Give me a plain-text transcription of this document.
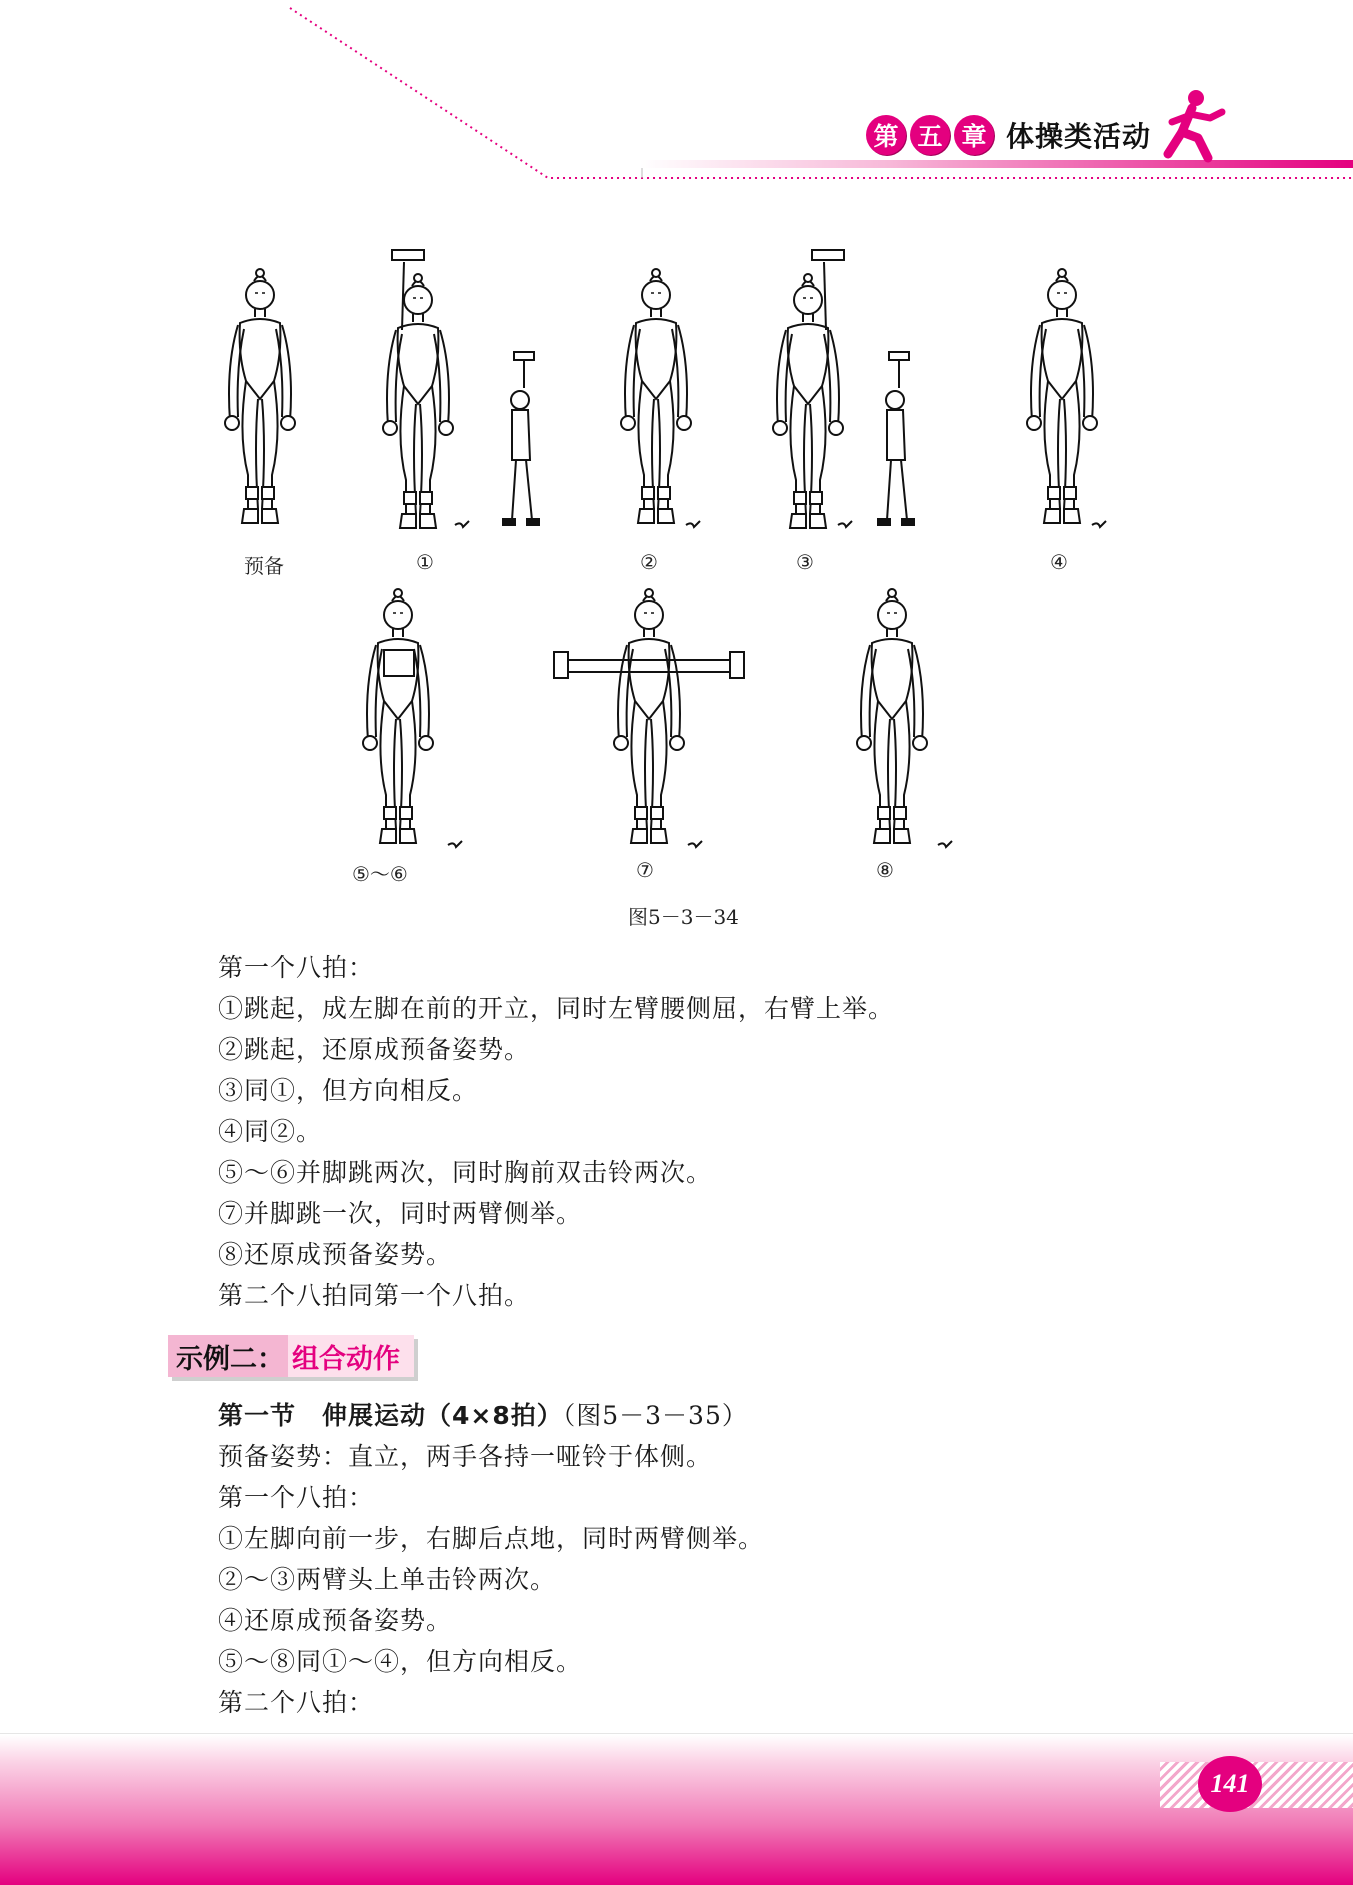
第 五 章 体操类活动
预备	①	②	③	④
⑤～⑥	⑦	⑧
图5－3－34
第一个八拍：
①跳起，成左脚在前的开立，同时左臂腰侧屈，右臂上举。
②跳起，还原成预备姿势。
③同①，但方向相反。
④同②。
⑤～⑥并脚跳两次，同时胸前双击铃两次。
⑦并脚跳一次，同时两臂侧举。
⑧还原成预备姿势。
第二个八拍同第一个八拍。
示例二： 组合动作
第一节　伸展运动（4×8拍）（图5－3－35）
预备姿势：直立，两手各持一哑铃于体侧。
第一个八拍：
①左脚向前一步，右脚后点地，同时两臂侧举。
②～③两臂头上单击铃两次。
④还原成预备姿势。
⑤～⑧同①～④，但方向相反。
第二个八拍：
141
